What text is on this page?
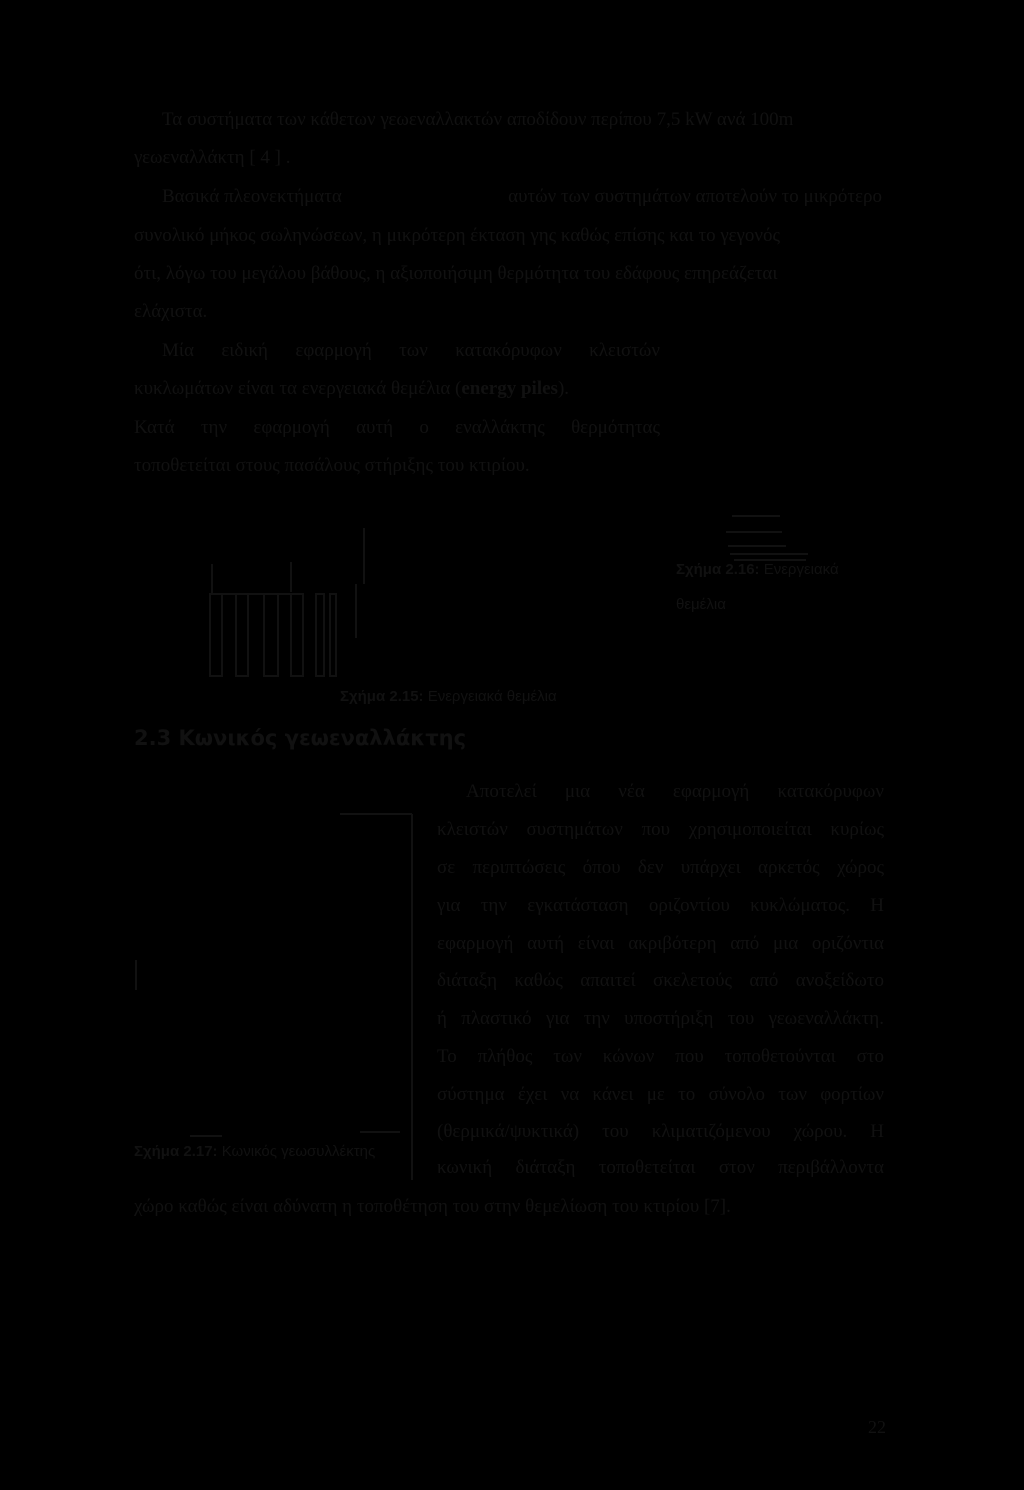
Τα συστήματα των κάθετων γεωεναλλακτών αποδίδουν περίπου 7,5 kW ανά 100m
γεωεναλλάκτη [ 4 ] .
Βασικά πλεονεκτήματα	αυτών των συστημάτων αποτελούν το μικρότερο
συνολικό μήκος σωληνώσεων, η μικρότερη έκταση γης καθώς επίσης και το γεγονός
ότι, λόγω του μεγάλου βάθους, η αξιοποιήσιμη θερμότητα του εδάφους επηρεάζεται
ελάχιστα.
Μία ειδική εφαρμογή των κατακόρυφων κλειστών
κυκλωμάτων είναι τα ενεργειακά θεμέλια (energy piles).
Κατά την εφαρμογή αυτή ο εναλλάκτης θερμότητας
τοποθετείται στους πασάλους στήριξης του κτιρίου.
Σχήμα 2.16: Ενεργειακά
θεμέλια
Σχήμα 2.15: Ενεργειακά θεμέλια
2.3 Κωνικός γεωεναλλάκτης
Σχήμα 2.17: Κωνικός γεωσυλλέκτης
Αποτελεί μια νέα εφαρμογή κατακόρυφων
κλειστών συστημάτων που χρησιμοποιείται κυρίως
σε περιπτώσεις όπου δεν υπάρχει αρκετός χώρος
για την εγκατάσταση οριζοντίου κυκλώματος. Η
εφαρμογή αυτή είναι ακριβότερη από μια οριζόντια
διάταξη καθώς απαιτεί σκελετούς από ανοξείδωτο
ή πλαστικό για την υποστήριξη του γεωεναλλάκτη.
Το πλήθος των κώνων που τοποθετούνται στο
σύστημα έχει να κάνει με το σύνολο των φορτίων
(θερμικά/ψυκτικά) του κλιματιζόμενου χώρου. Η
κωνική διάταξη τοποθετείται στον περιβάλλοντα
χώρο καθώς είναι αδύνατη η τοποθέτηση του στην θεμελίωση του κτιρίου [7].
22
